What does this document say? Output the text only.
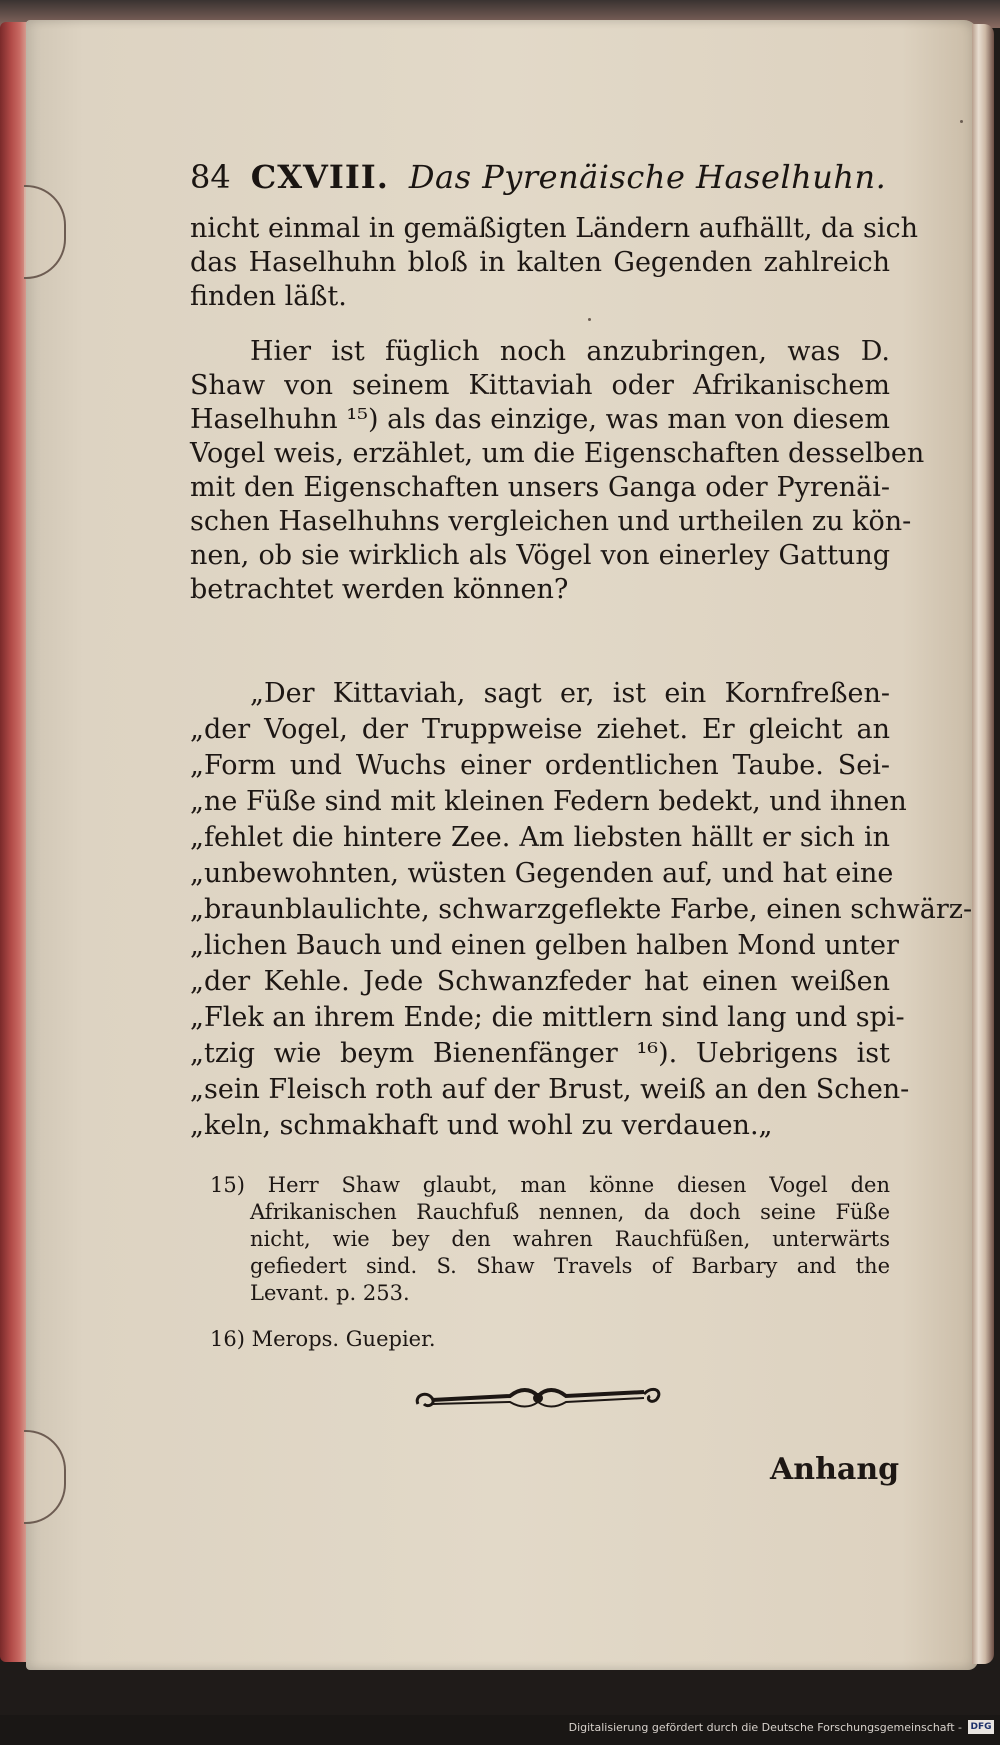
84 CXVIII. Das Pyrenäische Haselhuhn.
nicht einmal in gemäßigten Ländern aufhällt, da sich
das Haselhuhn bloß in kalten Gegenden zahlreich
finden läßt.
Hier ist füglich noch anzubringen, was D.
Shaw von seinem Kittaviah oder Afrikanischem
Haselhuhn ¹⁵) als das einzige, was man von diesem
Vogel weis, erzählet, um die Eigenschaften desselben
mit den Eigenschaften unsers Ganga oder Pyrenäi-
schen Haselhuhns vergleichen und urtheilen zu kön-
nen, ob sie wirklich als Vögel von einerley Gattung
betrachtet werden können?
„Der Kittaviah, sagt er, ist ein Kornfreßen-
„der Vogel, der Truppweise ziehet. Er gleicht an
„Form und Wuchs einer ordentlichen Taube. Sei-
„ne Füße sind mit kleinen Federn bedekt, und ihnen
„fehlet die hintere Zee. Am liebsten hällt er sich in
„unbewohnten, wüsten Gegenden auf, und hat eine
„braunblaulichte, schwarzgeflekte Farbe, einen schwärz-
„lichen Bauch und einen gelben halben Mond unter
„der Kehle. Jede Schwanzfeder hat einen weißen
„Flek an ihrem Ende; die mittlern sind lang und spi-
„tzig wie beym Bienenfänger ¹⁶). Uebrigens ist
„sein Fleisch roth auf der Brust, weiß an den Schen-
„keln, schmakhaft und wohl zu verdauen.„
15) Herr Shaw glaubt, man könne diesen Vogel den
Afrikanischen Rauchfuß nennen, da doch seine Füße
nicht, wie bey den wahren Rauchfüßen, unterwärts
gefiedert sind. S. Shaw Travels of Barbary and the
Levant. p. 253.
16) Merops. Guepier.
Anhang
Digitalisierung gefördert durch die Deutsche Forschungsgemeinschaft - DFG
